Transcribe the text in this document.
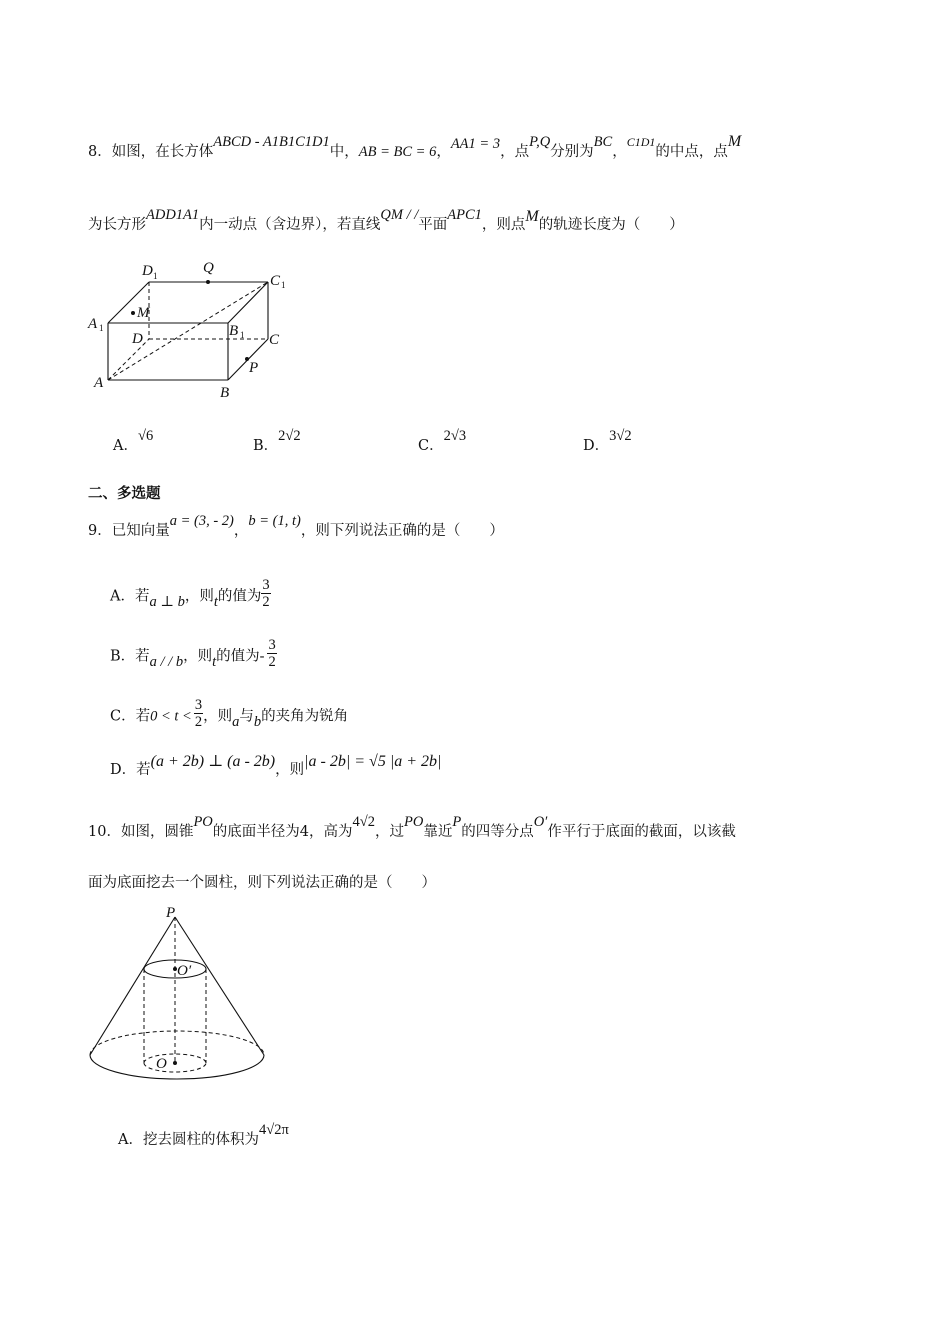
8．如图，在长方体ABCD - A1B1C1D1中，AB = BC = 6，AA1 = 3，点P,Q分别为BC，$^{C1D1}$的中点，点M
为长方形ADD1A1内一动点（含边界），若直线QM / /平面APC1，则点M的轨迹长度为（　　）
D 1	Q
C 1
A 1
M
B 1
D	C
P
A
B
A．√6
B．2√2
C．2√3
D．3√2
二、多选题
9．已知向量a = (3, - 2)，b = (1, t)，则下列说法正确的是（　　）
A．若a ⊥ b，则t的值为 $\frac{3}{2}$
B．若a / / b，则t的值为- $\frac{3}{2}$
C．若$0 < t < \frac{3}{2}$ ，则a与b的夹角为锐角
D．若(a + 2b) ⊥ (a - 2b)，则|a - 2b| = √5 |a + 2b|
10．如图，圆锥PO的底面半径为4，高为4√2，过PO靠近P的四等分点O′作平行于底面的截面，以该截
面为底面挖去一个圆柱，则下列说法正确的是（　　）
P
O′
O
A．挖去圆柱的体积为4√2π
